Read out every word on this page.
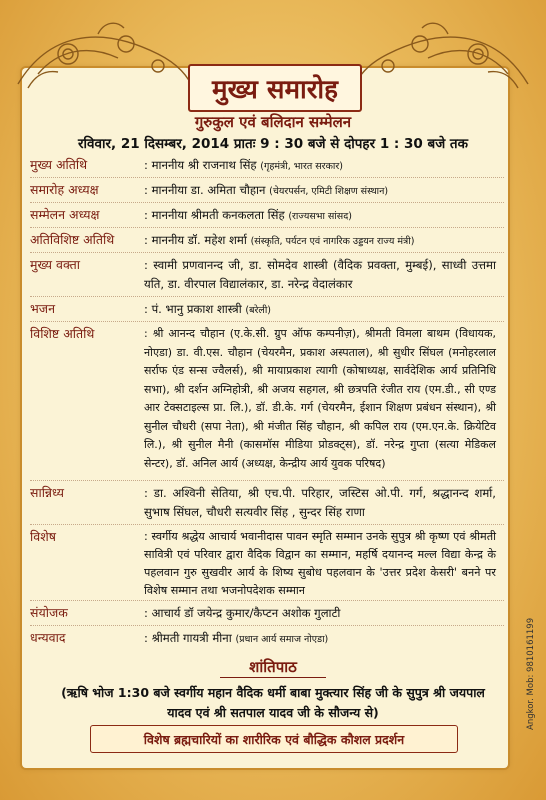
मुख्य समारोह
गुरुकुल एवं बलिदान सम्मेलन
रविवार, 21 दिसम्बर, 2014 प्रातः 9 : 30 बजे से दोपहर 1 : 30 बजे तक
मुख्य अतिथि	: माननीय श्री राजनाथ सिंह (गृहमंत्री, भारत सरकार)
समारोह अध्यक्ष	: माननीया डा. अमिता चौहान (चेयरपर्सन, एमिटी शिक्षण संस्थान)
सम्मेलन अध्यक्ष	: माननीया श्रीमती कनकलता सिंह (राज्यसभा सांसद)
अतिविशिष्ट अतिथि	: माननीय डॉ. महेश शर्मा (संस्कृति, पर्यटन एवं नागरिक उड्डयन राज्य मंत्री)
मुख्य वक्ता	: स्वामी प्रणवानन्द जी, डा. सोमदेव शास्त्री (वैदिक प्रवक्ता, मुम्बई), साध्वी उत्तमा यति, डा. वीरपाल विद्यालंकार, डा. नरेन्द्र वेदालंकार
भजन	: पं. भानु प्रकाश शास्त्री (बरेली)
विशिष्ट अतिथि	: श्री आनन्द चौहान (ए.के.सी. ग्रुप ऑफ कम्पनीज़), श्रीमती विमला बाथम (विधायक, नोएडा) डा. वी.एस. चौहान (चेयरमैन, प्रकाश अस्पताल), श्री सुधीर सिंघल (मनोहरलाल सर्राफ एंड सन्स ज्वैलर्स), श्री मायाप्रकाश त्यागी (कोषाध्यक्ष, सार्वदेशिक आर्य प्रतिनिधि सभा), श्री दर्शन अग्निहोत्री, श्री अजय सहगल, श्री छत्रपति रंजीत राय (एम.डी., सी एण्ड आर टेक्सटाइल्स प्रा. लि.), डॉ. डी.के. गर्ग (चेयरमैन, ईशान शिक्षण प्रबंधन संस्थान), श्री सुनील चौधरी (सपा नेता), श्री मंजीत सिंह चौहान, श्री कपिल राय (एम.एन.के. क्रियेटिव लि.), श्री सुनील मैनी (कासमॉस मीडिया प्रोडक्ट्स), डॉ. नरेन्द्र गुप्ता (सत्या मेडिकल सेन्टर), डॉ. अनिल आर्य (अध्यक्ष, केन्द्रीय आर्य युवक परिषद)
सान्निध्य	: डा. अश्विनी सेतिया, श्री एच.पी. परिहार, जस्टिस ओ.पी. गर्ग, श्रद्धानन्द शर्मा, सुभाष सिंघल, चौधरी सत्यवीर सिंह , सुन्दर सिंह राणा
विशेष	: स्वर्गीय श्रद्धेय आचार्य भवानीदास पावन स्मृति सम्मान उनके सुपुत्र श्री कृष्ण एवं श्रीमती सावित्री एवं परिवार द्वारा वैदिक विद्वान का सम्मान, महर्षि दयानन्द मल्ल विद्या केन्द्र के पहलवान गुरु सुखवीर आर्य के शिष्य सुबोध पहलवान के 'उत्तर प्रदेश केसरी' बनने पर विशेष सम्मान तथा भजनोपदेशक सम्मान
संयोजक	: आचार्य डॉ जयेन्द्र कुमार/कैप्टन अशोक गुलाटी
धन्यवाद	: श्रीमती गायत्री मीना (प्रधान आर्य समाज नोएडा)
शांतिपाठ
(ऋषि भोज 1:30 बजे स्वर्गीय महान वैदिक धर्मी बाबा मुक्त्यार सिंह जी के सुपुत्र श्री जयपाल यादव एवं श्री सतपाल यादव जी के सौजन्य से)
विशेष ब्रह्मचारियों का शारीरिक एवं बौद्धिक कौशल प्रदर्शन
Angkor. Mob: 9810161199
